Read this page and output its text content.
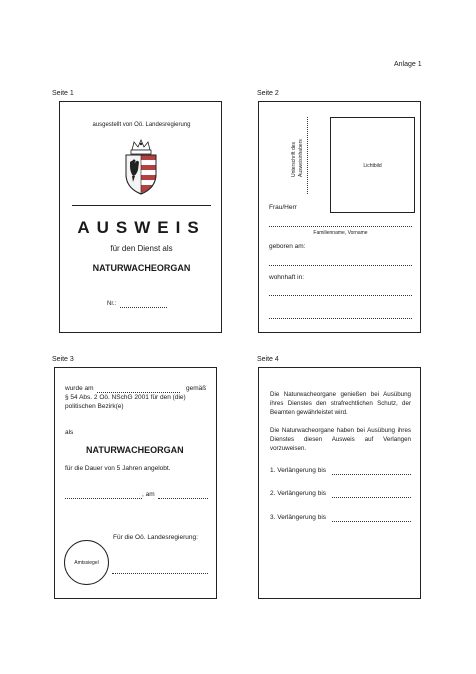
Anlage 1
Seite 1	Seite 2
Seite 3	Seite 4
ausgestellt von Oö. Landesregierung
AUSWEIS
für den Dienst als
NATURWACHEORGAN
Nr.:
Lichtbild
Unterschrift des Ausweisinhabers
Frau/Herr
Familienname, Vorname
geboren am:
wohnhaft in:
wurde am	gemäß
§ 54 Abs. 2 Oö. NSchG 2001 für den (die)
politischen Bezirk(e)
als
NATURWACHEORGAN
für die Dauer von 5 Jahren angelobt.
, am
Für die Oö. Landesregierung:
Amtssiegel
Die Naturwacheorgane genießen bei Ausübung ihres Dienstes den strafrechtlichen Schutz, der Beamten gewährleistet wird.
Die Naturwacheorgane haben bei Ausübung ihres Dienstes diesen Ausweis auf Verlangen vorzuweisen.
1. Verlängerung bis
2. Verlängerung bis
3. Verlängerung bis
